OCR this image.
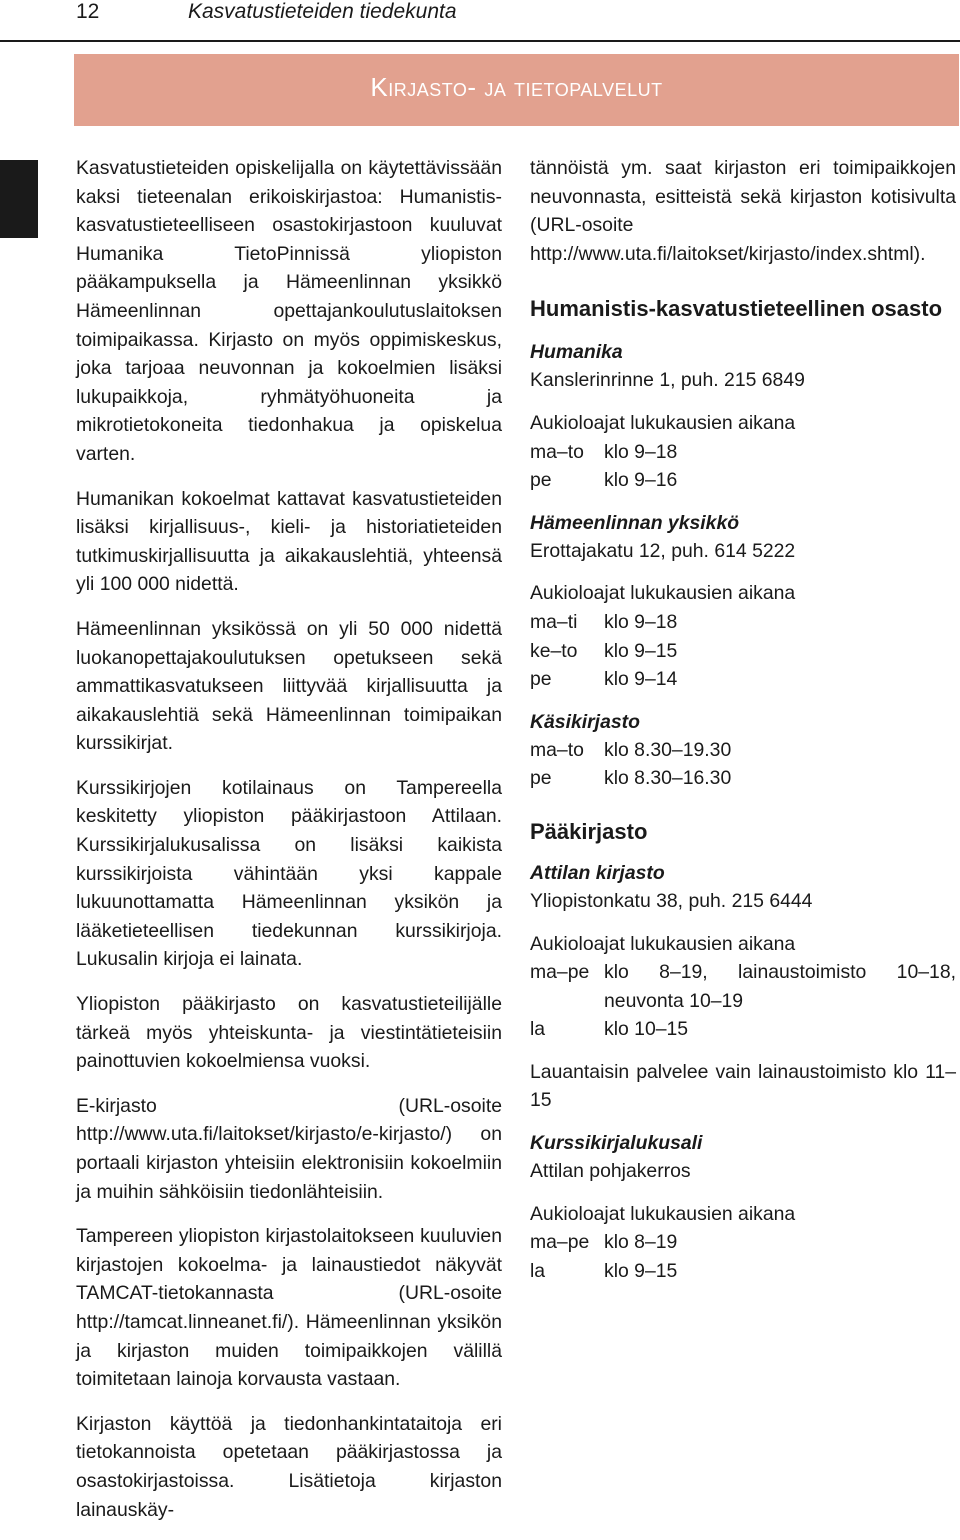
12	Kasvatustieteiden tiedekunta
Kirjasto- ja tietopalvelut

Kasvatustieteiden opiskelijalla on käytettävissään kaksi tieteenalan erikoiskirjastoa: Humanistis-kasvatustieteelliseen osastokirjastoon kuuluvat Humanika TietoPinnissä yliopiston pääkampuksella ja Hämeenlinnan yksikkö Hämeenlinnan opettajankoulutuslaitoksen toimipaikassa. Kirjasto on myös oppimiskeskus, joka tarjoaa neuvonnan ja kokoelmien lisäksi lukupaikkoja, ryhmätyöhuoneita ja mikrotietokoneita tiedonhakua ja opiskelua varten.

Humanikan kokoelmat kattavat kasvatustieteiden lisäksi kirjallisuus-, kieli- ja historiatieteiden tutkimuskirjallisuutta ja aikakauslehtiä, yhteensä yli 100 000 nidettä.

Hämeenlinnan yksikössä on yli 50 000 nidettä luokanopettajakoulutuksen opetukseen sekä ammattikasvatukseen liittyvää kirjallisuutta ja aikakauslehtiä sekä Hämeenlinnan toimipaikan kurssikirjat.

Kurssikirjojen kotilainaus on Tampereella keskitetty yliopiston pääkirjastoon Attilaan. Kurssikirjalukusalissa on lisäksi kaikista kurssikirjoista vähintään yksi kappale lukuunottamatta Hämeenlinnan yksikön ja lääketieteellisen tiedekunnan kurssikirjoja. Lukusalin kirjoja ei lainata.

Yliopiston pääkirjasto on kasvatustieteilijälle tärkeä myös yhteiskunta- ja viestintätieteisiin painottuvien kokoelmiensa vuoksi.

E-kirjasto (URL-osoite http://www.uta.fi/laitokset/kirjasto/e-kirjasto/) on portaali kirjaston yhteisiin elektronisiin kokoelmiin ja muihin sähköisiin tiedonlähteisiin.

Tampereen yliopiston kirjastolaitokseen kuuluvien kirjastojen kokoelma- ja lainaustiedot näkyvät TAMCAT-tietokannasta (URL-osoite http://tamcat.linneanet.fi/). Hämeenlinnan yksikön ja kirjaston muiden toimipaikkojen välillä toimitetaan lainoja korvausta vastaan.

Kirjaston käyttöä ja tiedonhankintataitoja eri tietokannoista opetetaan pääkirjastossa ja osastokirjastoissa. Lisätietoja kirjaston lainauskäy-

tännöistä ym. saat kirjaston eri toimipaikkojen neuvonnasta, esitteistä sekä kirjaston kotisivulta (URL-osoite http://www.uta.fi/laitokset/kirjasto/index.shtml).

Humanistis-kasvatustieteellinen osasto
Humanika
Kanslerinrinne 1, puh. 215 6849
Aukioloajat lukukausien aikana
ma–to	klo 9–18
pe	klo 9–16
Hämeenlinnan yksikkö
Erottajakatu 12, puh. 614 5222
Aukioloajat lukukausien aikana
ma–ti	klo 9–18
ke–to	klo 9–15
pe	klo 9–14
Käsikirjasto
ma–to	klo 8.30–19.30
pe	klo 8.30–16.30
Pääkirjasto
Attilan kirjasto
Yliopistonkatu 38, puh. 215 6444
Aukioloajat lukukausien aikana
ma–pe klo 8–19, lainaustoimisto 10–18, neuvonta 10–19
la	klo 10–15

Lauantaisin palvelee vain lainaustoimisto klo 11–15

Kurssikirjalukusali
Attilan pohjakerros
Aukioloajat lukukausien aikana
ma–pe klo 8–19
la	klo 9–15
